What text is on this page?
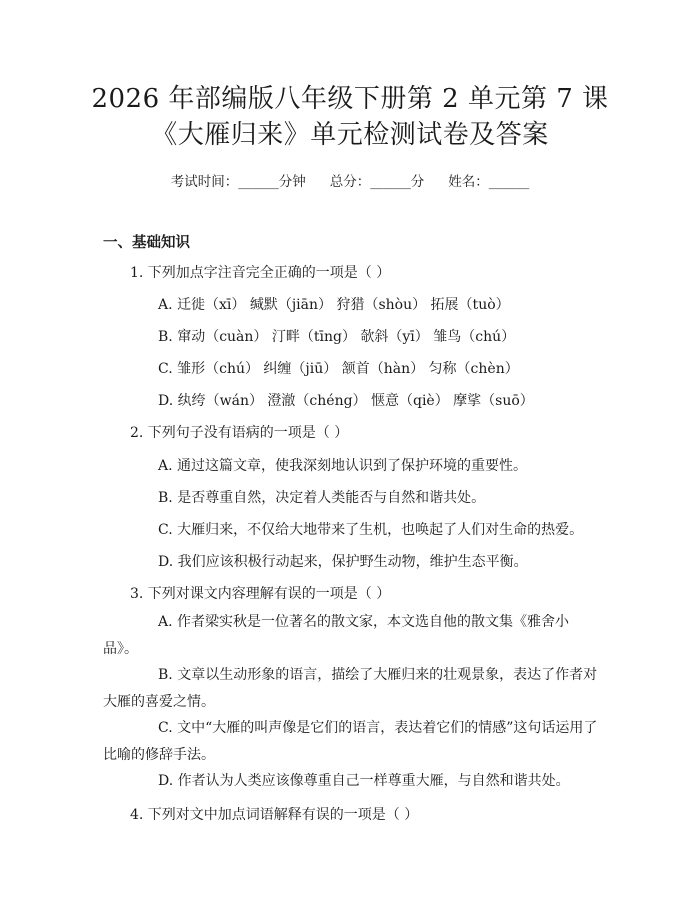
2026 年部编版八年级下册第 2 单元第 7 课
《大雁归来》单元检测试卷及答案
考试时间：______分钟 总分：______分 姓名：______
一、基础知识
1. 下列加点字注音完全正确的一项是（ ）
A. 迁徙（xī） 缄默（jiān） 狩猎（shòu） 拓展（tuò）
B. 窜动（cuàn） 汀畔（tīng） 欹斜（yī） 雏鸟（chú）
C. 雏形（chú） 纠缠（jiū） 颔首（hàn） 匀称（chèn）
D. 纨绔（wán） 澄澈（chéng） 惬意（qiè） 摩挲（suō）
2. 下列句子没有语病的一项是（ ）
A. 通过这篇文章，使我深刻地认识到了保护环境的重要性。
B. 是否尊重自然，决定着人类能否与自然和谐共处。
C. 大雁归来，不仅给大地带来了生机，也唤起了人们对生命的热爱。
D. 我们应该积极行动起来，保护野生动物，维护生态平衡。
3. 下列对课文内容理解有误的一项是（ ）
A. 作者梁实秋是一位著名的散文家，本文选自他的散文集《雅舍小品》。
B. 文章以生动形象的语言，描绘了大雁归来的壮观景象，表达了作者对大雁的喜爱之情。
C. 文中“大雁的叫声像是它们的语言，表达着它们的情感”这句话运用了比喻的修辞手法。
D. 作者认为人类应该像尊重自己一样尊重大雁，与自然和谐共处。
4. 下列对文中加点词语解释有误的一项是（ ）
